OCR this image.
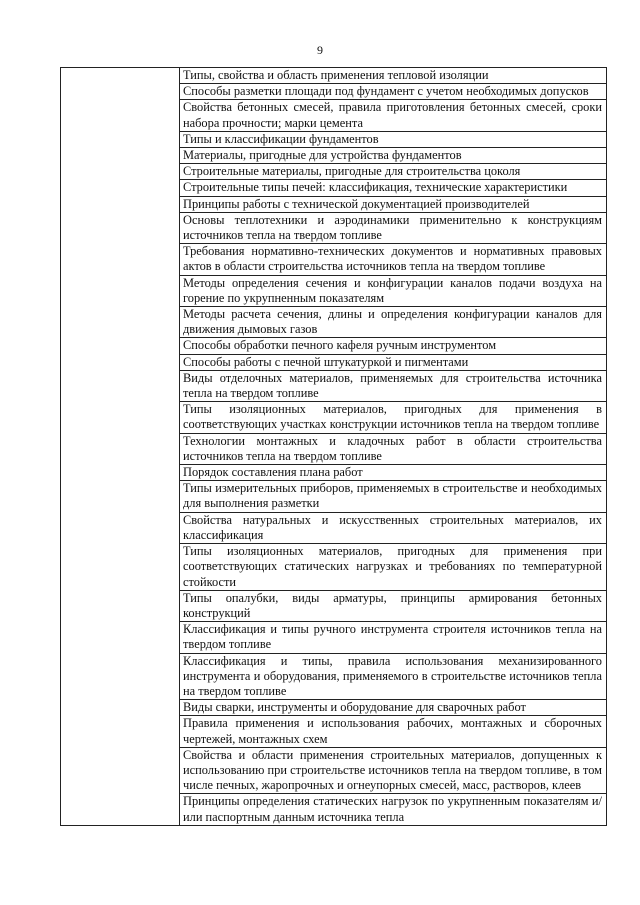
9
	Типы, свойства и область применения тепловой изоляции
Способы разметки площади под фундамент с учетом необходимых допусков
Свойства бетонных смесей, правила приготовления бетонных смесей, сроки набора прочности; марки цемента
Типы и классификации фундаментов
Материалы, пригодные для устройства фундаментов
Строительные материалы, пригодные для строительства цоколя
Строительные типы печей: классификация, технические характеристики
Принципы работы с технической документацией производителей
Основы теплотехники и аэродинамики применительно к конструкциям источников тепла на твердом топливе
Требования нормативно-технических документов и нормативных правовых актов в области строительства источников тепла на твердом топливе
Методы определения сечения и конфигурации каналов подачи воздуха на горение по укрупненным показателям
Методы расчета сечения, длины и определения конфигурации каналов для движения дымовых газов
Способы обработки печного кафеля ручным инструментом
Способы работы с печной штукатуркой и пигментами
Виды отделочных материалов, применяемых для строительства источника тепла на твердом топливе
Типы изоляционных материалов, пригодных для применения в соответствующих участках конструкции источников тепла на твердом топливе
Технологии монтажных и кладочных работ в области строительства источников тепла на твердом топливе
Порядок составления плана работ
Типы измерительных приборов, применяемых в строительстве и необходимых для выполнения разметки
Свойства натуральных и искусственных строительных материалов, их классификация
Типы изоляционных материалов, пригодных для применения при соответствующих статических нагрузках и требованиях по температурной стойкости
Типы опалубки, виды арматуры, принципы армирования бетонных конструкций
Классификация и типы ручного инструмента строителя источников тепла на твердом топливе
Классификация и типы, правила использования механизированного инструмента и оборудования, применяемого в строительстве источников тепла на твердом топливе
Виды сварки, инструменты и оборудование для сварочных работ
Правила применения и использования рабочих, монтажных и сборочных чертежей, монтажных схем
Свойства и области применения строительных материалов, допущенных к использованию при строительстве источников тепла на твердом топливе, в том числе печных, жаропрочных и огнеупорных смесей, масс, растворов, клеев
Принципы определения статических нагрузок по укрупненным показателям и/или паспортным данным источника тепла
